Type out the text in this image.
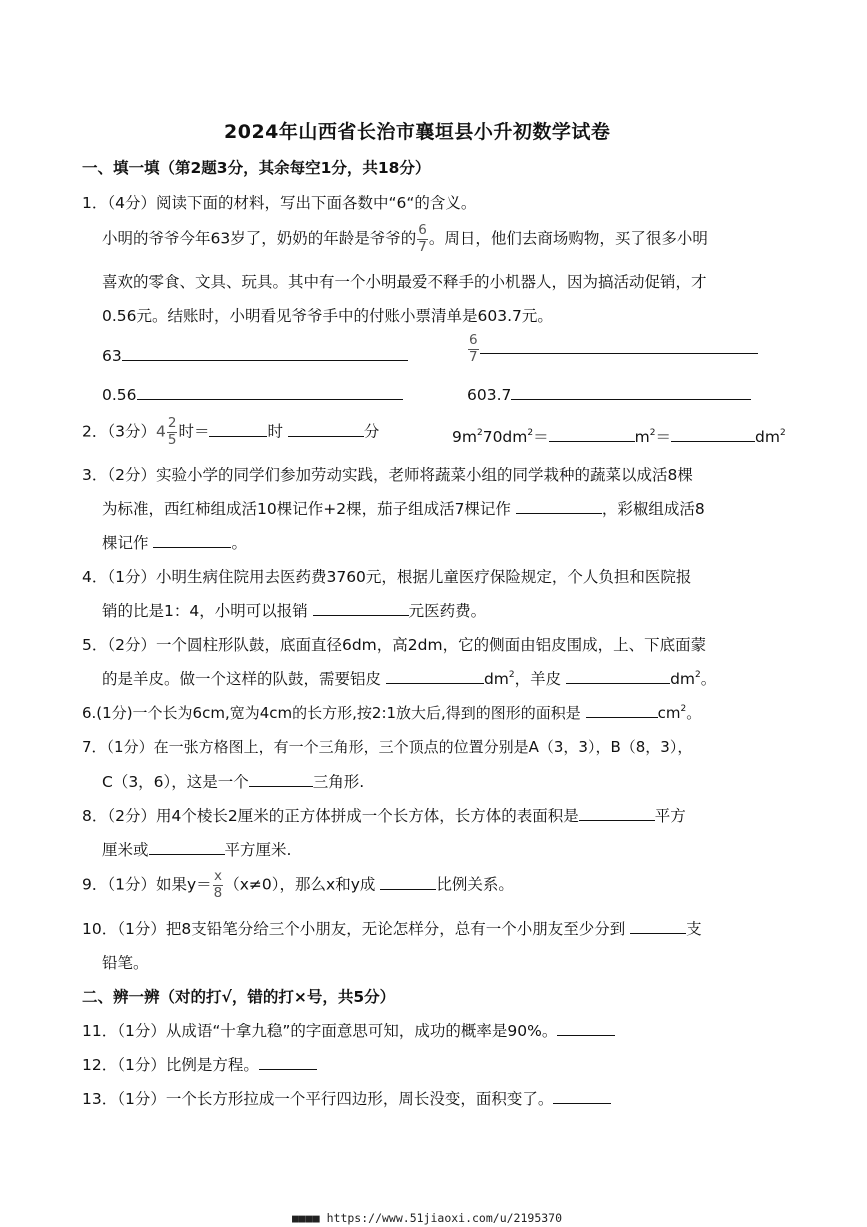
2024年山西省长治市襄垣县小升初数学试卷
一、填一填（第2题3分，其余每空1分，共18分）
1．（4分）阅读下面的材料，写出下面各数中“6“的含义。
小明的爷爷今年63岁了，奶奶的年龄是爷爷的 $\frac{6}{7}$ 。周日，他们去商场购物，买了很多小明
喜欢的零食、文具、玩具。其中有一个小明最爱不释手的小机器人，因为搞活动促销，才
0.56元。结账时，小明看见爷爷手中的付账小票清单是603.7元。
63	$\frac{6}{7}$
0.56	603.7
2．（3分）$4 \frac{2}{5}$ 时＝	时	分	$9m^270dm^2=$	$m^2=$	$dm^2$
3．（2分）实验小学的同学们参加劳动实践，老师将蔬菜小组的同学栽种的蔬菜以成活8棵
为标准，西红柿组成活10棵记作+2棵，茄子组成活7棵记作	，彩椒组成活8
棵记作	。
4．（1分）小明生病住院用去医药费3760元，根据儿童医疗保险规定，个人负担和医院报
销的比是1：4，小明可以报销	元医药费。
5．（2分）一个圆柱形队鼓，底面直径6dm，高2dm，它的侧面由铝皮围成，上、下底面蒙
的是羊皮。做一个这样的队鼓，需要铝皮	$dm^2$，羊皮	$dm^2$。
6.(1分)一个长为6cm,宽为4cm的长方形,按2:1放大后,得到的图形的面积是	$cm^2$。
7．（1分）在一张方格图上，有一个三角形，三个顶点的位置分别是A（3，3），B（8，3），
C（3，6），这是一个	三角形.
8．（2分）用4个棱长2厘米的正方体拼成一个长方体，长方体的表面积是	平方
厘米或	平方厘米.
9．（1分）如果$y= \frac{x}{8} (x\ne 0)$，那么x和y成	比例关系。
10．（1分）把8支铅笔分给三个小朋友，无论怎样分，总有一个小朋友至少分到	支
铅笔。
二、辨一辨（对的打√，错的打×号，共5分）
11．（1分）从成语“十拿九稳”的字面意思可知，成功的概率是90%。
12．（1分）比例是方程。
13．（1分）一个长方形拉成一个平行四边形，周长没变，面积变了。
■■■■ https://www.51jiaoxi.com/u/2195370
